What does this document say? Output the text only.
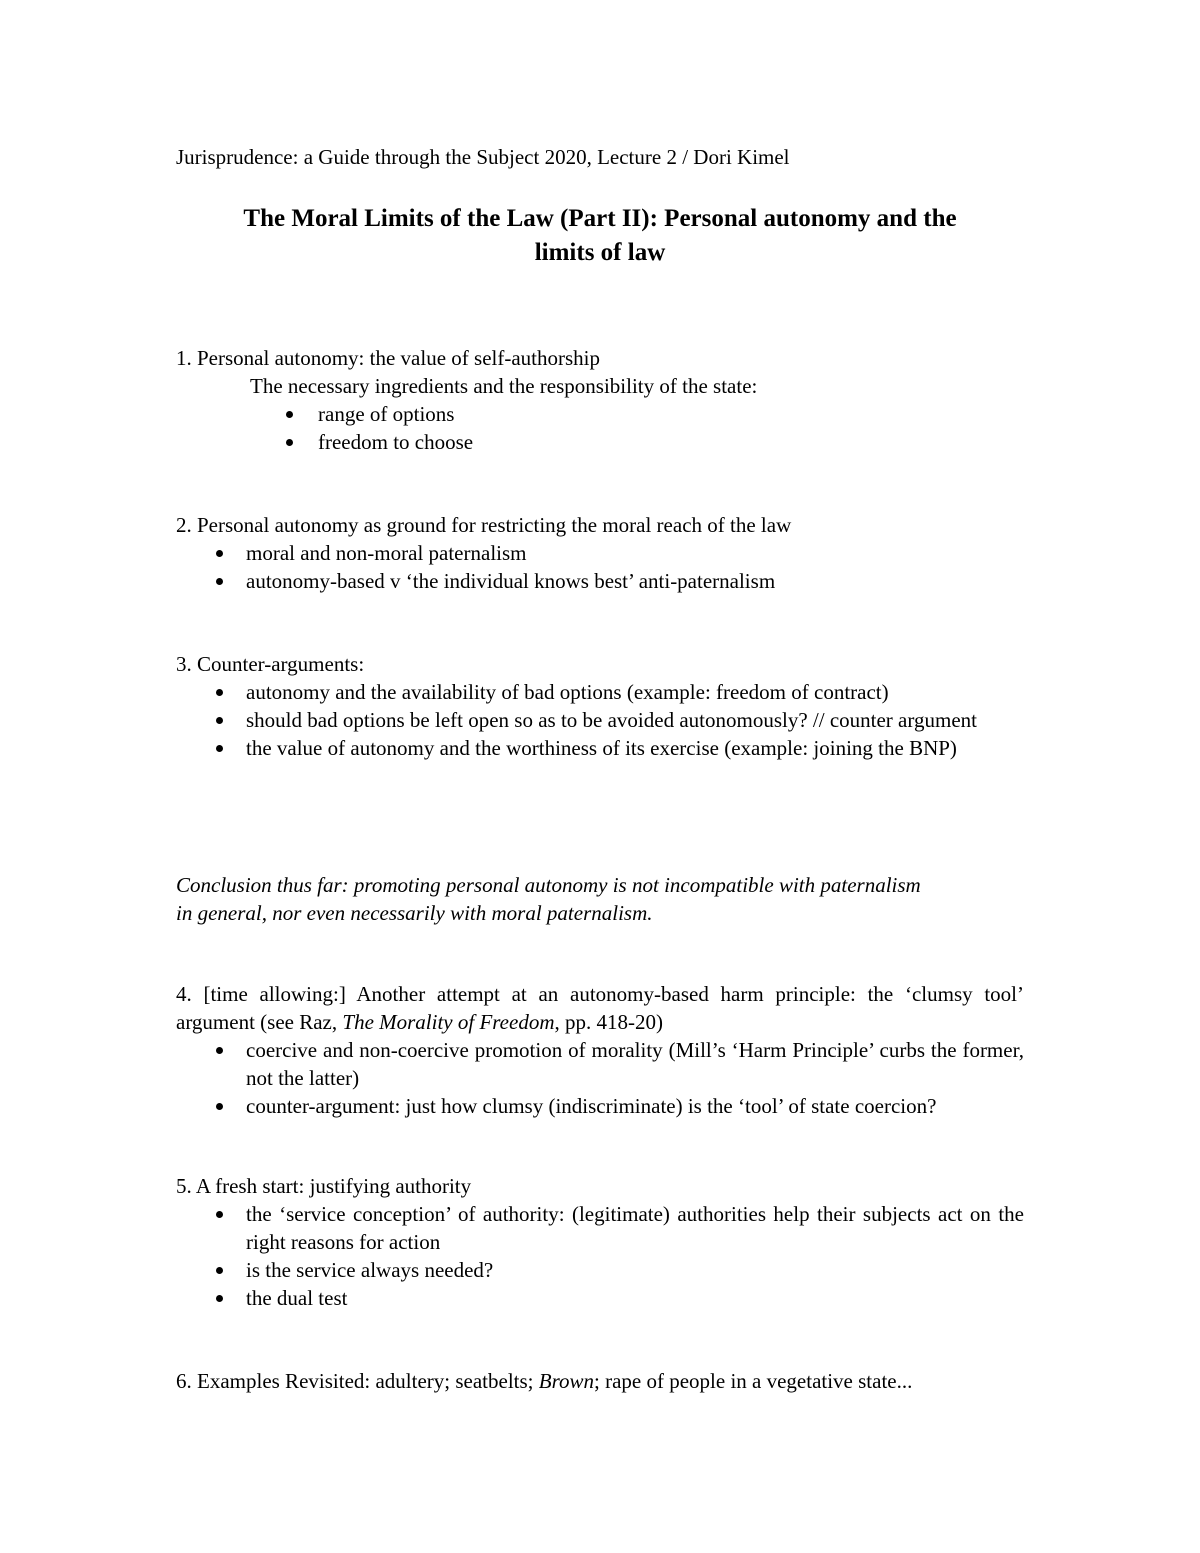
Jurisprudence: a Guide through the Subject 2020, Lecture 2 / Dori Kimel
The Moral Limits of the Law (Part II): Personal autonomy and the
limits of law
1. Personal autonomy: the value of self-authorship
The necessary ingredients and the responsibility of the state:
range of options
freedom to choose
2. Personal autonomy as ground for restricting the moral reach of the law
moral and non-moral paternalism
autonomy-based v ‘the individual knows best’ anti-paternalism
3. Counter-arguments:
autonomy and the availability of bad options (example: freedom of contract)
should bad options be left open so as to be avoided autonomously? // counter argument
the value of autonomy and the worthiness of its exercise (example: joining the BNP)
Conclusion thus far: promoting personal autonomy is not incompatible with paternalism
in general, nor even necessarily with moral paternalism.
4. [time allowing:] Another attempt at an autonomy-based harm principle: the ‘clumsy tool’ argument (see Raz, The Morality of Freedom, pp. 418-20)
coercive and non-coercive promotion of morality (Mill’s ‘Harm Principle’ curbs the former, not the latter)
counter-argument: just how clumsy (indiscriminate) is the ‘tool’ of state coercion?
5. A fresh start: justifying authority
the ‘service conception’ of authority: (legitimate) authorities help their subjects act on the right reasons for action
is the service always needed?
the dual test
6. Examples Revisited: adultery; seatbelts; Brown; rape of people in a vegetative state...
